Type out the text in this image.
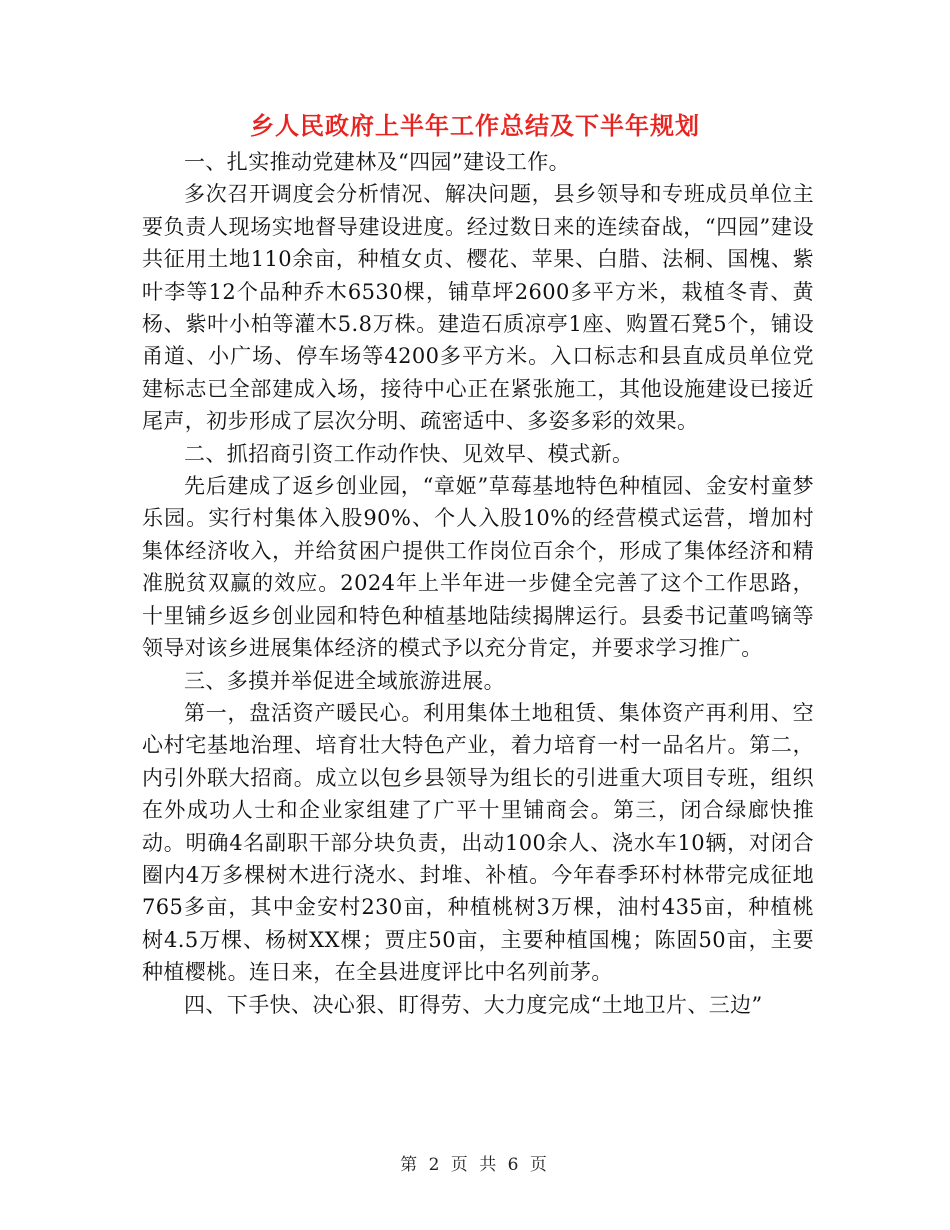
乡人民政府上半年工作总结及下半年规划

一、扎实推动党建林及“四园”建设工作。

多次召开调度会分析情况、解决问题，县乡领导和专班成员单位主要负责人现场实地督导建设进度。经过数日来的连续奋战，“四园”建设共征用土地110余亩，种植女贞、樱花、苹果、白腊、法桐、国槐、紫叶李等12个品种乔木6530棵，铺草坪2600多平方米，栽植冬青、黄杨、紫叶小柏等灌木5.8万株。建造石质凉亭1座、购置石凳5个，铺设甬道、小广场、停车场等4200多平方米。入口标志和县直成员单位党建标志已全部建成入场，接待中心正在紧张施工，其他设施建设已接近尾声，初步形成了层次分明、疏密适中、多姿多彩的效果。

二、抓招商引资工作动作快、见效早、模式新。

先后建成了返乡创业园，“章姬”草莓基地特色种植园、金安村童梦乐园。实行村集体入股90%、个人入股10%的经营模式运营，增加村集体经济收入，并给贫困户提供工作岗位百余个，形成了集体经济和精准脱贫双赢的效应。2024年上半年进一步健全完善了这个工作思路，十里铺乡返乡创业园和特色种植基地陆续揭牌运行。县委书记董鸣镝等领导对该乡进展集体经济的模式予以充分肯定，并要求学习推广。

三、多摸并举促进全域旅游进展。

第一，盘活资产暖民心。利用集体土地租赁、集体资产再利用、空心村宅基地治理、培育壮大特色产业，着力培育一村一品名片。第二，内引外联大招商。成立以包乡县领导为组长的引进重大项目专班，组织在外成功人士和企业家组建了广平十里铺商会。第三，闭合绿廊快推动。明确4名副职干部分块负责，出动100余人、浇水车10辆，对闭合圈内4万多棵树木进行浇水、封堆、补植。今年春季环村林带完成征地765多亩，其中金安村230亩，种植桃树3万棵，油村435亩，种植桃树4.5万棵、杨树XX棵；贾庄50亩，主要种植国槐；陈固50亩，主要种植樱桃。连日来，在全县进度评比中名列前茅。

四、下手快、决心狠、盯得劳、大力度完成“土地卫片、三边”

第 2 页 共 6 页
